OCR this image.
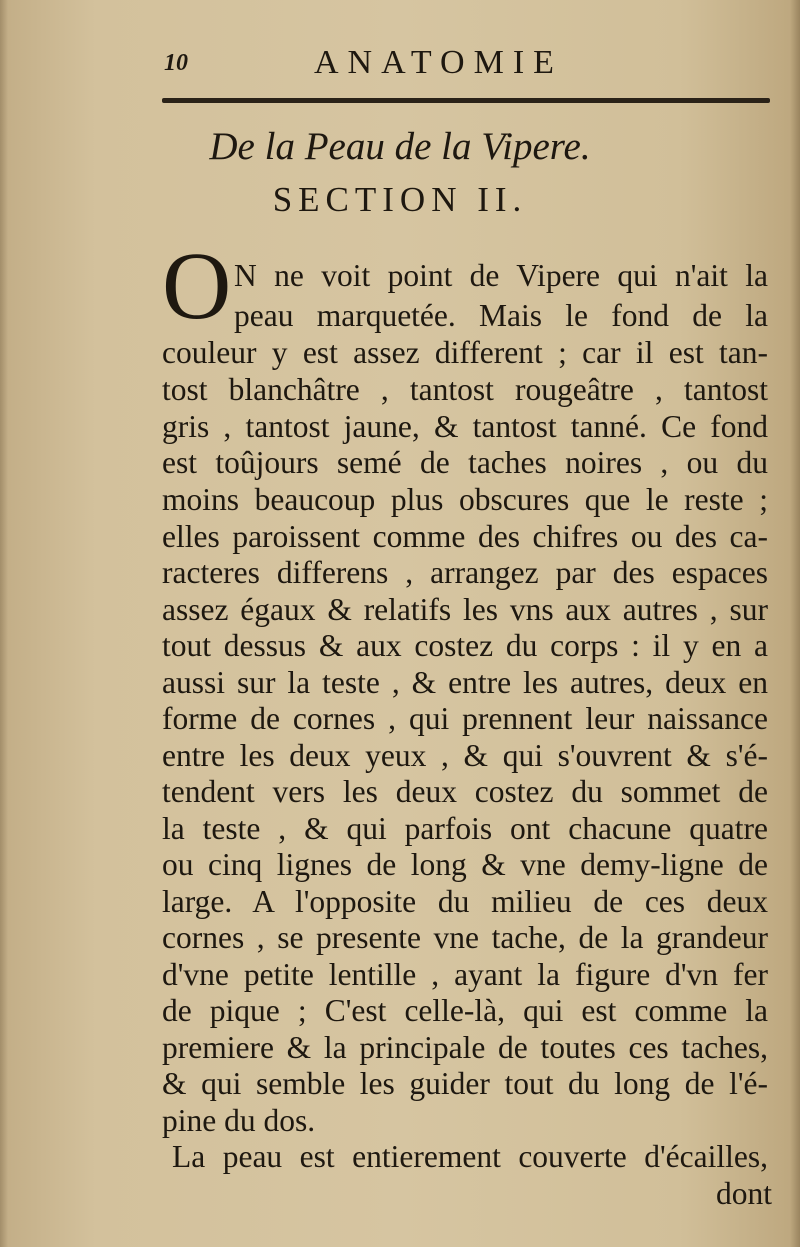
10	ANATOMIE
De la Peau de la Vipere.
SECTION II.
O N ne voit point de Vipere qui n'ait la
peau marquetée. Mais le fond de la
couleur y est assez different ; car il est tan-
tost blanchâtre , tantost rougeâtre , tantost
gris , tantost jaune, & tantost tanné. Ce fond
est toûjours semé de taches noires , ou du
moins beaucoup plus obscures que le reste ;
elles paroissent comme des chifres ou des ca-
racteres differens , arrangez par des espaces
assez égaux & relatifs les vns aux autres , sur
tout dessus & aux costez du corps : il y en a
aussi sur la teste , & entre les autres, deux en
forme de cornes , qui prennent leur naissance
entre les deux yeux , & qui s'ouvrent & s'é-
tendent vers les deux costez du sommet de
la teste , & qui parfois ont chacune quatre
ou cinq lignes de long & vne demy-ligne de
large. A l'opposite du milieu de ces deux
cornes , se presente vne tache, de la grandeur
d'vne petite lentille , ayant la figure d'vn fer
de pique ; C'est celle-là, qui est comme la
premiere & la principale de toutes ces taches,
& qui semble les guider tout du long de l'é-
pine du dos.
La peau est entierement couverte d'écailles,
dont
